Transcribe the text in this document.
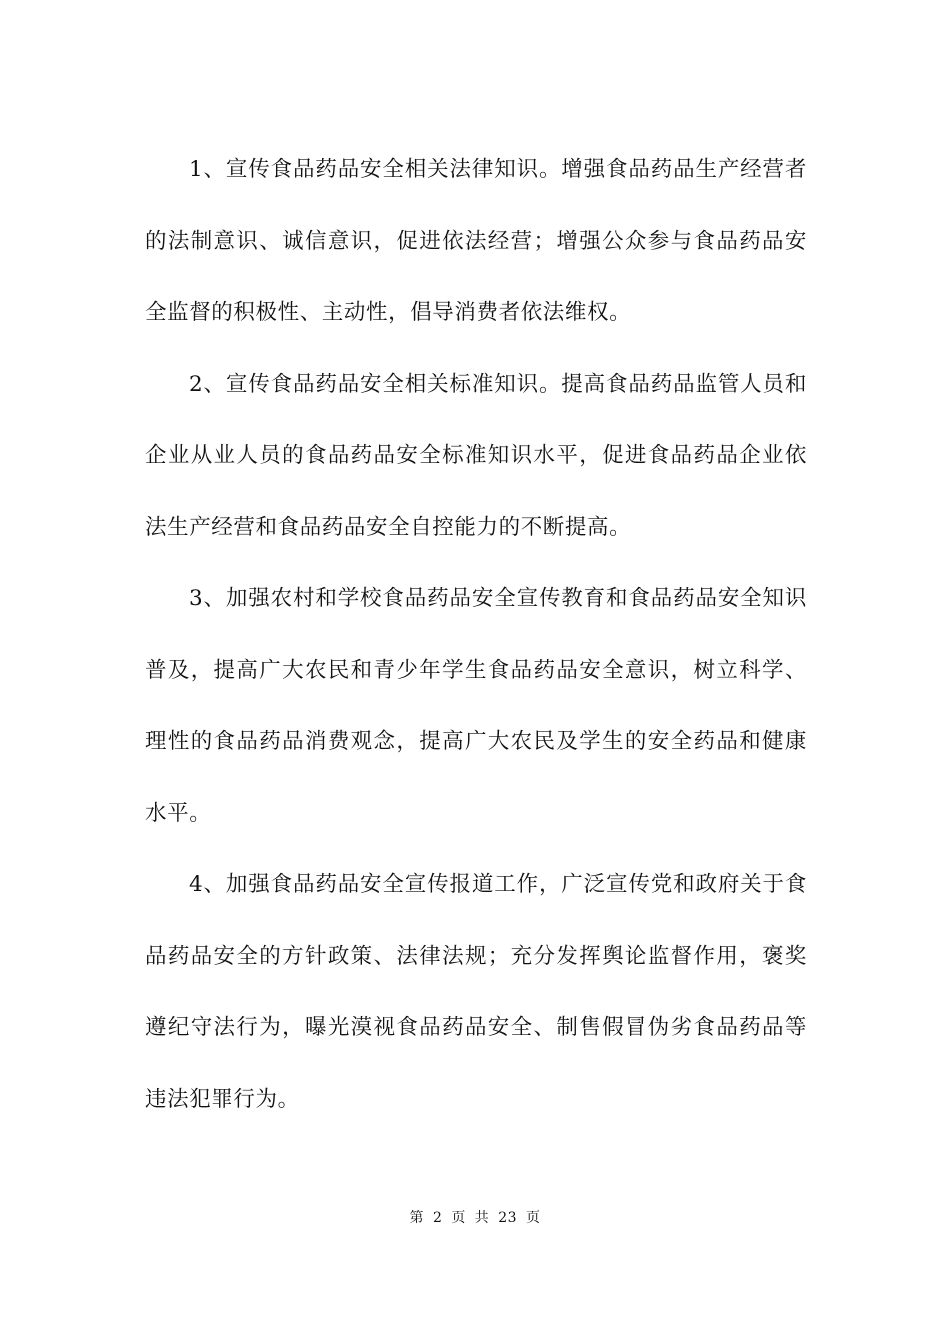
1、宣传食品药品安全相关法律知识。增强食品药品生产经营者的法制意识、诚信意识，促进依法经营；增强公众参与食品药品安全监督的积极性、主动性，倡导消费者依法维权。

2、宣传食品药品安全相关标准知识。提高食品药品监管人员和企业从业人员的食品药品安全标准知识水平，促进食品药品企业依法生产经营和食品药品安全自控能力的不断提高。

3、加强农村和学校食品药品安全宣传教育和食品药品安全知识普及，提高广大农民和青少年学生食品药品安全意识，树立科学、理性的食品药品消费观念，提高广大农民及学生的安全药品和健康水平。

4、加强食品药品安全宣传报道工作，广泛宣传党和政府关于食品药品安全的方针政策、法律法规；充分发挥舆论监督作用，褒奖遵纪守法行为，曝光漠视食品药品安全、制售假冒伪劣食品药品等违法犯罪行为。

第 2 页 共 23 页
